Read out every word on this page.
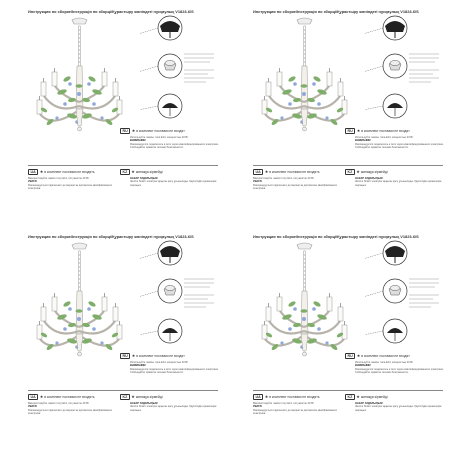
Инструкция по сборке/Інструкція по зборці/Құрастыру жөніндегі нұсқаулық V1823-6/S
RU ★в комплект поставки не входят
Используйте лампы типа E14, мощностью 40 Вт
ВНИМАНИЕ!
Рекомендуется подключать к сети через квалифицированного электрика. Соблюдайте правила техники безопасности.
UA ★в комплект поставки не входять	KZ ★жинаққа кірмейді
Використовуйте лампи типу E14, потужністю 40 Вт
УВАГА!
Рекомендується підключати до мережі за допомогою кваліфікованого електрика.
НАЗАР АУДАРЫҢЫЗ!
Желіге білікті электрик арқылы қосу ұсынылады. Қауіпсіздік ережелерін сақтаңыз.
Инструкция по сборке/Інструкція по зборці/Құрастыру жөніндегі нұсқаулық V1823-6/S
RU ★в комплект поставки не входят
Используйте лампы типа E14, мощностью 40 Вт
ВНИМАНИЕ!
Рекомендуется подключать к сети через квалифицированного электрика. Соблюдайте правила техники безопасности.
UA ★в комплект поставки не входять	KZ ★жинаққа кірмейді
Використовуйте лампи типу E14, потужністю 40 Вт
УВАГА!
Рекомендується підключати до мережі за допомогою кваліфікованого електрика.
НАЗАР АУДАРЫҢЫЗ!
Желіге білікті электрик арқылы қосу ұсынылады. Қауіпсіздік ережелерін сақтаңыз.
Инструкция по сборке/Інструкція по зборці/Құрастыру жөніндегі нұсқаулық V1823-6/S
RU ★в комплект поставки не входят
Используйте лампы типа E14, мощностью 40 Вт
ВНИМАНИЕ!
Рекомендуется подключать к сети через квалифицированного электрика. Соблюдайте правила техники безопасности.
UA ★в комплект поставки не входять	KZ ★жинаққа кірмейді
Використовуйте лампи типу E14, потужністю 40 Вт
УВАГА!
Рекомендується підключати до мережі за допомогою кваліфікованого електрика.
НАЗАР АУДАРЫҢЫЗ!
Желіге білікті электрик арқылы қосу ұсынылады. Қауіпсіздік ережелерін сақтаңыз.
Инструкция по сборке/Інструкція по зборці/Құрастыру жөніндегі нұсқаулық V1823-6/S
RU ★в комплект поставки не входят
Используйте лампы типа E14, мощностью 40 Вт
ВНИМАНИЕ!
Рекомендуется подключать к сети через квалифицированного электрика. Соблюдайте правила техники безопасности.
UA ★в комплект поставки не входять	KZ ★жинаққа кірмейді
Використовуйте лампи типу E14, потужністю 40 Вт
УВАГА!
Рекомендується підключати до мережі за допомогою кваліфікованого електрика.
НАЗАР АУДАРЫҢЫЗ!
Желіге білікті электрик арқылы қосу ұсынылады. Қауіпсіздік ережелерін сақтаңыз.
